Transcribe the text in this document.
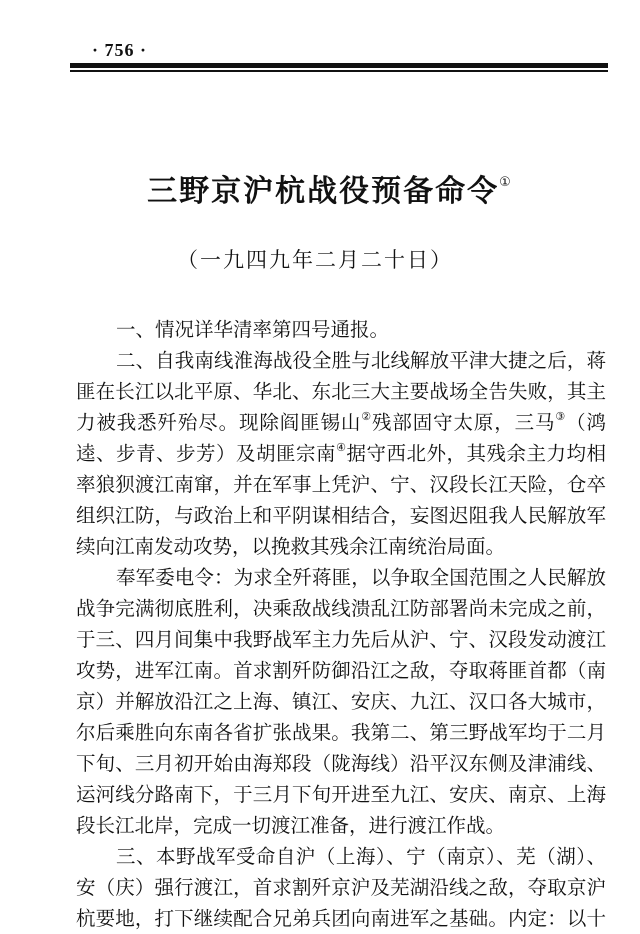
· 756 ·
三野京沪杭战役预备命令①
（一九四九年二月二十日）
一、情况详华清率第四号通报。
二、自我南线淮海战役全胜与北线解放平津大捷之后，蒋
匪在长江以北平原、华北、东北三大主要战场全告失败，其主
力被我悉歼殆尽。现除阎匪锡山②残部固守太原，三马③（鸿
逵、步青、步芳）及胡匪宗南④据守西北外，其残余主力均相
率狼狈渡江南窜，并在军事上凭沪、宁、汉段长江天险，仓卒
组织江防，与政治上和平阴谋相结合，妄图迟阻我人民解放军
续向江南发动攻势，以挽救其残余江南统治局面。
奉军委电令：为求全歼蒋匪，以争取全国范围之人民解放
战争完满彻底胜利，决乘敌战线溃乱江防部署尚未完成之前，
于三、四月间集中我野战军主力先后从沪、宁、汉段发动渡江
攻势，进军江南。首求割歼防御沿江之敌，夺取蒋匪首都（南
京）并解放沿江之上海、镇江、安庆、九江、汉口各大城市，
尔后乘胜向东南各省扩张战果。我第二、第三野战军均于二月
下旬、三月初开始由海郑段（陇海线）沿平汉东侧及津浦线、
运河线分路南下，于三月下旬开进至九江、安庆、南京、上海
段长江北岸，完成一切渡江准备，进行渡江作战。
三、本野战军受命自沪（上海）、宁（南京）、芜（湖）、
安（庆）强行渡江，首求割歼京沪及芜湖沿线之敌，夺取京沪
杭要地，打下继续配合兄弟兵团向南进军之基础。内定：以十
